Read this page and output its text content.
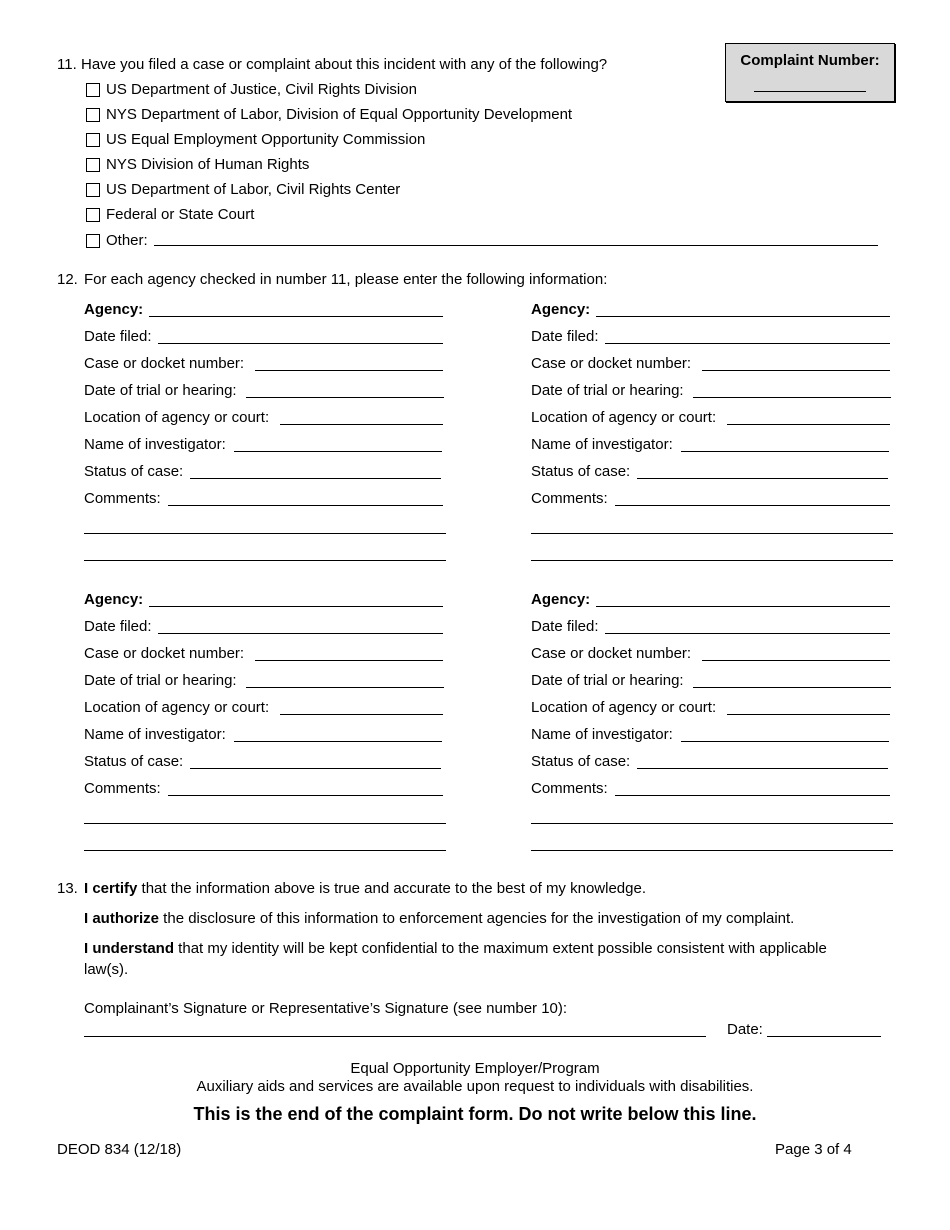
Complaint Number:
11. Have you filed a case or complaint about this incident with any of the following?
US Department of Justice, Civil Rights Division
NYS Department of Labor, Division of Equal Opportunity Development
US Equal Employment Opportunity Commission
NYS Division of Human Rights
US Department of Labor, Civil Rights Center
Federal or State Court
Other:
12. For each agency checked in number 11, please enter the following information:
Agency:
Date filed:
Case or docket number:
Date of trial or hearing:
Location of agency or court:
Name of investigator:
Status of case:
Comments:
Agency:
Date filed:
Case or docket number:
Date of trial or hearing:
Location of agency or court:
Name of investigator:
Status of case:
Comments:
Agency:
Date filed:
Case or docket number:
Date of trial or hearing:
Location of agency or court:
Name of investigator:
Status of case:
Comments:
Agency:
Date filed:
Case or docket number:
Date of trial or hearing:
Location of agency or court:
Name of investigator:
Status of case:
Comments:
13. I certify that the information above is true and accurate to the best of my knowledge.
I authorize the disclosure of this information to enforcement agencies for the investigation of my complaint.
I understand that my identity will be kept confidential to the maximum extent possible consistent with applicable
law(s).
Complainant’s Signature or Representative’s Signature (see number 10):
Date:
Equal Opportunity Employer/Program
Auxiliary aids and services are available upon request to individuals with disabilities.
This is the end of the complaint form. Do not write below this line.
DEOD 834 (12/18)	Page 3 of 4
